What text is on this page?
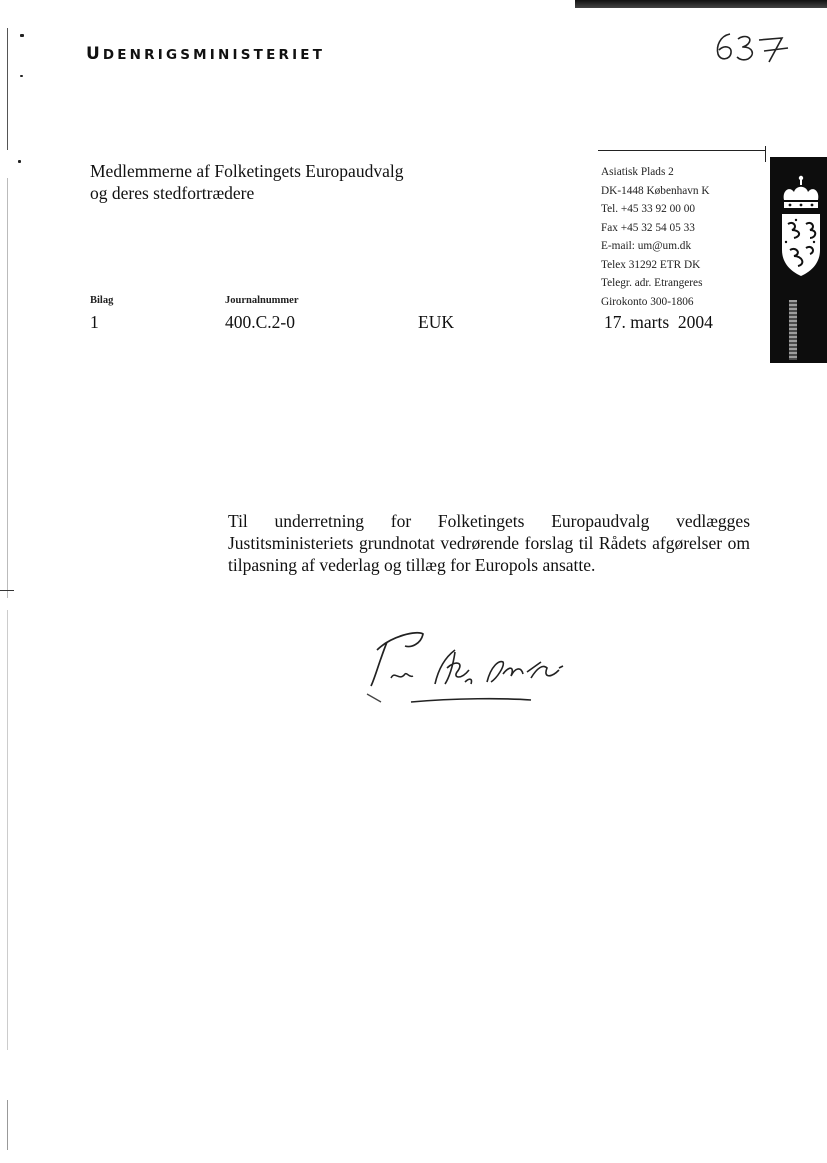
UDENRIGSMINISTERIET
Medlemmerne af Folketingets Europaudvalg
og deres stedfortrædere
Asiatisk Plads 2
DK-1448 København K
Tel. +45 33 92 00 00
Fax +45 32 54 05 33
E-mail: um@um.dk
Telex 31292 ETR DK
Telegr. adr. Etrangeres
Girokonto 300-1806
Bilag
1
Journalnummer
400.C.2-0	EUK	17. marts  2004
Til underretning for Folketingets Europaudvalg vedlægges Justitsministeriets grundnotat vedrørende forslag til Rådets afgørelser om tilpasning af vederlag og tillæg for Europols ansatte.
